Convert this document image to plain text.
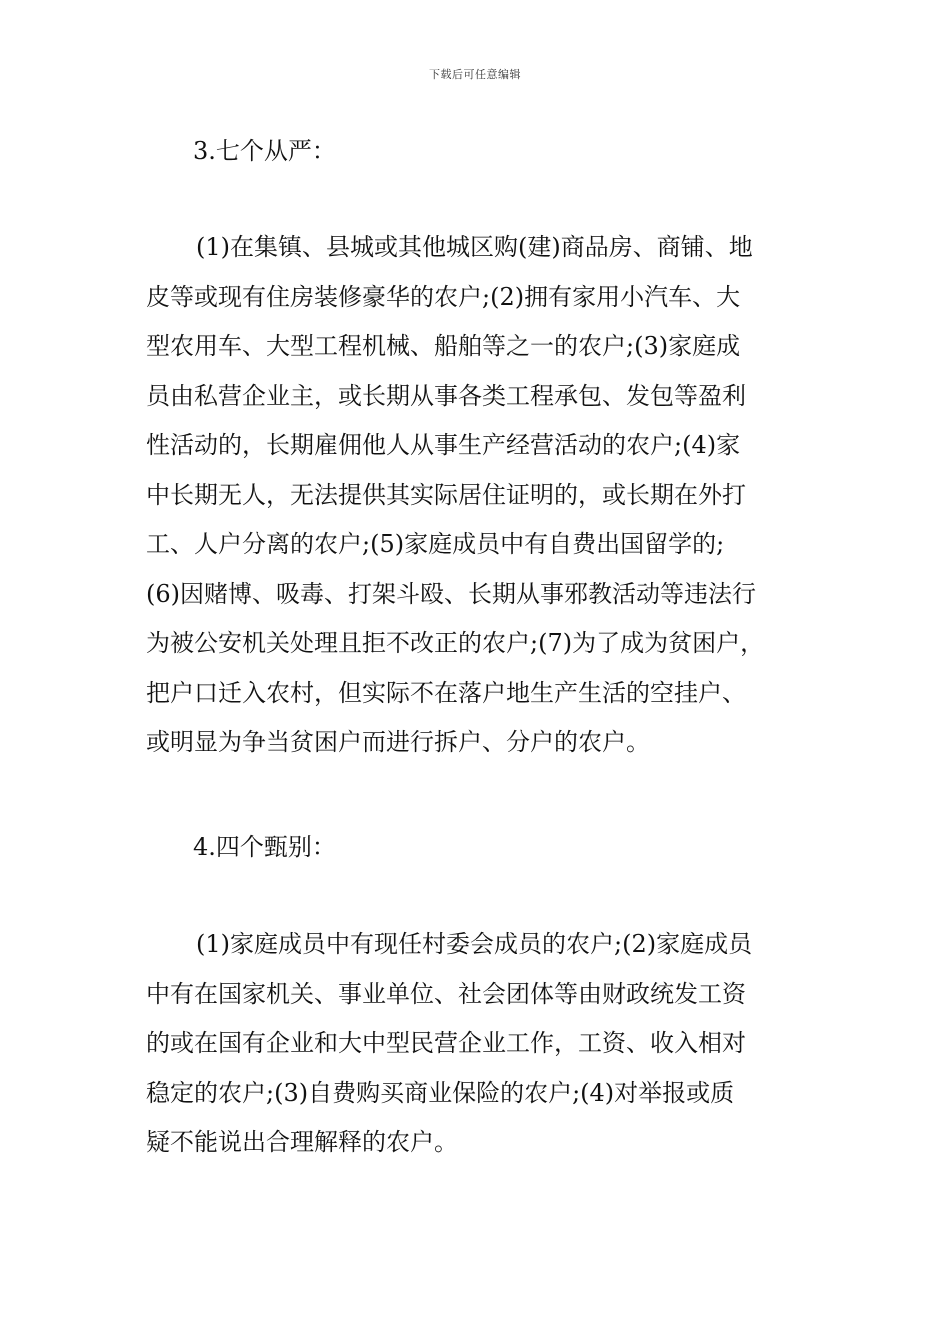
下载后可任意编辑
3.七个从严：
(1)在集镇、县城或其他城区购(建)商品房、商铺、地
皮等或现有住房装修豪华的农户;(2)拥有家用小汽车、大
型农用车、大型工程机械、船舶等之一的农户;(3)家庭成
员由私营企业主，或长期从事各类工程承包、发包等盈利
性活动的，长期雇佣他人从事生产经营活动的农户;(4)家
中长期无人，无法提供其实际居住证明的，或长期在外打
工、人户分离的农户;(5)家庭成员中有自费出国留学的;
(6)因赌博、吸毒、打架斗殴、长期从事邪教活动等违法行
为被公安机关处理且拒不改正的农户;(7)为了成为贫困户，
把户口迁入农村，但实际不在落户地生产生活的空挂户、
或明显为争当贫困户而进行拆户、分户的农户。
4.四个甄别：
(1)家庭成员中有现任村委会成员的农户;(2)家庭成员
中有在国家机关、事业单位、社会团体等由财政统发工资
的或在国有企业和大中型民营企业工作，工资、收入相对
稳定的农户;(3)自费购买商业保险的农户;(4)对举报或质
疑不能说出合理解释的农户。
